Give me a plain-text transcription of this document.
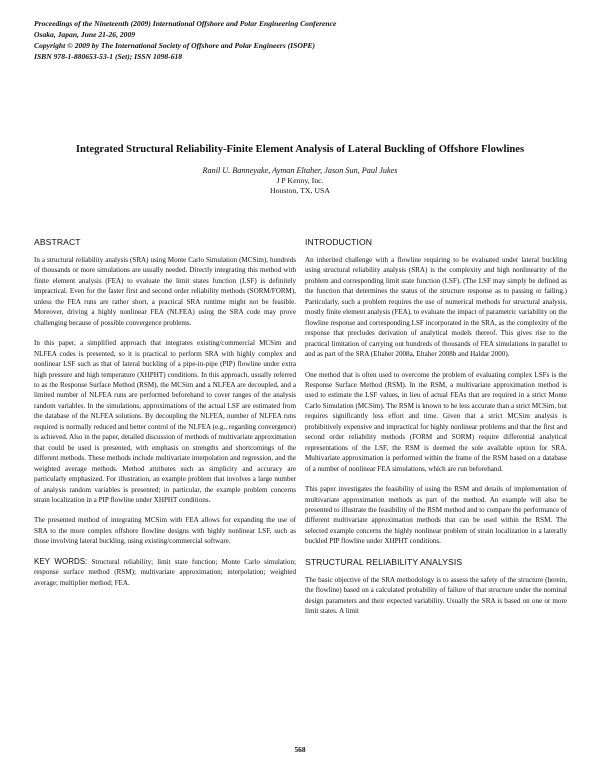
Proceedings of the Nineteenth (2009) International Offshore and Polar Engineering Conference
Osaka, Japan, June 21-26, 2009
Copyright © 2009 by The International Society of Offshore and Polar Engineers (ISOPE)
ISBN 978-1-880653-53-1 (Set); ISSN 1098-618
Integrated Structural Reliability-Finite Element Analysis of Lateral Buckling of Offshore Flowlines
Ranil U. Banneyake, Ayman Eltaher, Jason Sun, Paul Jukes
J P Kenny, Inc.
Houston, TX, USA
ABSTRACT

In a structural reliability analysis (SRA) using Monte Carlo Simulation (MCSim), hundreds of thousands or more simulations are usually needed. Directly integrating this method with finite element analysis (FEA) to evaluate the limit states function (LSF) is definitely impractical. Even for the faster first and second order reliability methods (SORM/FORM), unless the FEA runs are rather short, a practical SRA runtime might not be feasible. Moreover, driving a highly nonlinear FEA (NLFEA) using the SRA code may prove challenging because of possible convergence problems.

In this paper, a simplified approach that integrates existing/commercial MCSim and NLFEA codes is presented, so it is practical to perform SRA with highly complex and nonlinear LSF such as that of lateral buckling of a pipe-in-pipe (PIP) flowline under extra high pressure and high temperature (XHPHT) conditions. In this approach, usually referred to as the Response Surface Method (RSM), the MCSim and a NLFEA are decoupled, and a limited number of NLFEA runs are performed beforehand to cover ranges of the analysis random variables. In the simulations, approximations of the actual LSF are estimated from the database of the NLFEA solutions. By decoupling the NLFEA, number of NLFEA runs required is normally reduced and better control of the NLFEA (e.g., regarding convergence) is achieved. Also in the paper, detailed discussion of methods of multivariate approximation that could be used is presented, with emphasis on strengths and shortcomings of the different methods. These methods include multivariate interpolation and regression, and the weighted average methods. Method attributes such as simplicity and accuracy are particularly emphasized. For illustration, an example problem that involves a large number of analysis random variables is presented; in particular, the example problem concerns strain localization in a PIP flowline under XHPHT conditions.

The presented method of integrating MCSim with FEA allows for expanding the use of SRA to the more complex offshore flowline designs with highly nonlinear LSF, such as those involving lateral buckling, using existing/commercial software.

KEY WORDS: Structural reliability; limit state function; Monte Carlo simulation; response surface method (RSM); multivariate approximation; interpolation; weighted average; multiplier method; FEA.

INTRODUCTION

An inherited challenge with a flowline requiring to be evaluated under lateral buckling using structural reliability analysis (SRA) is the complexity and high nonlinearity of the problem and corresponding limit state function (LSF). (The LSF may simply be defined as the function that determines the status of the structure response as to passing or failing.) Particularly, such a problem requires the use of numerical methods for structural analysis, mostly finite element analysis (FEA), to evaluate the impact of parametric variability on the flowline response and corresponding LSF incorporated in the SRA, as the complexity of the response that precludes derivation of analytical models thereof. This gives rise to the practical limitation of carrying out hundreds of thousands of FEA simulations in parallel to and as part of the SRA (Eltaher 2008a, Eltaher 2008b and Haldar 2000).

One method that is often used to overcome the problem of evaluating complex LSFs is the Response Surface Method (RSM). In the RSM, a multivariate approximation method is used to estimate the LSF values, in lieu of actual FEAs that are required in a strict Monte Carlo Simulation (MCSim). The RSM is known to be less accurate than a strict MCSim, but requires significantly less effort and time. Given that a strict MCSim analysis is prohibitively expensive and impractical for highly nonlinear problems and that the first and second order reliability methods (FORM and SORM) require differential analytical representations of the LSF, the RSM is deemed the sole available option for SRA. Multivariate approximation is performed within the frame of the RSM based on a database of a number of nonlinear FEA simulations, which are run beforehand.

This paper investigates the feasibility of using the RSM and details of implementation of multivariate approximation methods as part of the method. An example will also be presented to illustrate the feasibility of the RSM method and to compare the performance of different multivariate approximation methods that can be used within the RSM. The selected example concerns the highly nonlinear problem of strain localization in a laterally buckled PIP flowline under XHPHT conditions.

STRUCTURAL RELIABILITY ANALYSIS

The basic objective of the SRA methodology is to assess the safety of the structure (herein, the flowline) based on a calculated probability of failure of that structure under the nominal design parameters and their expected variability. Usually the SRA is based on one or more limit states. A limit

568
